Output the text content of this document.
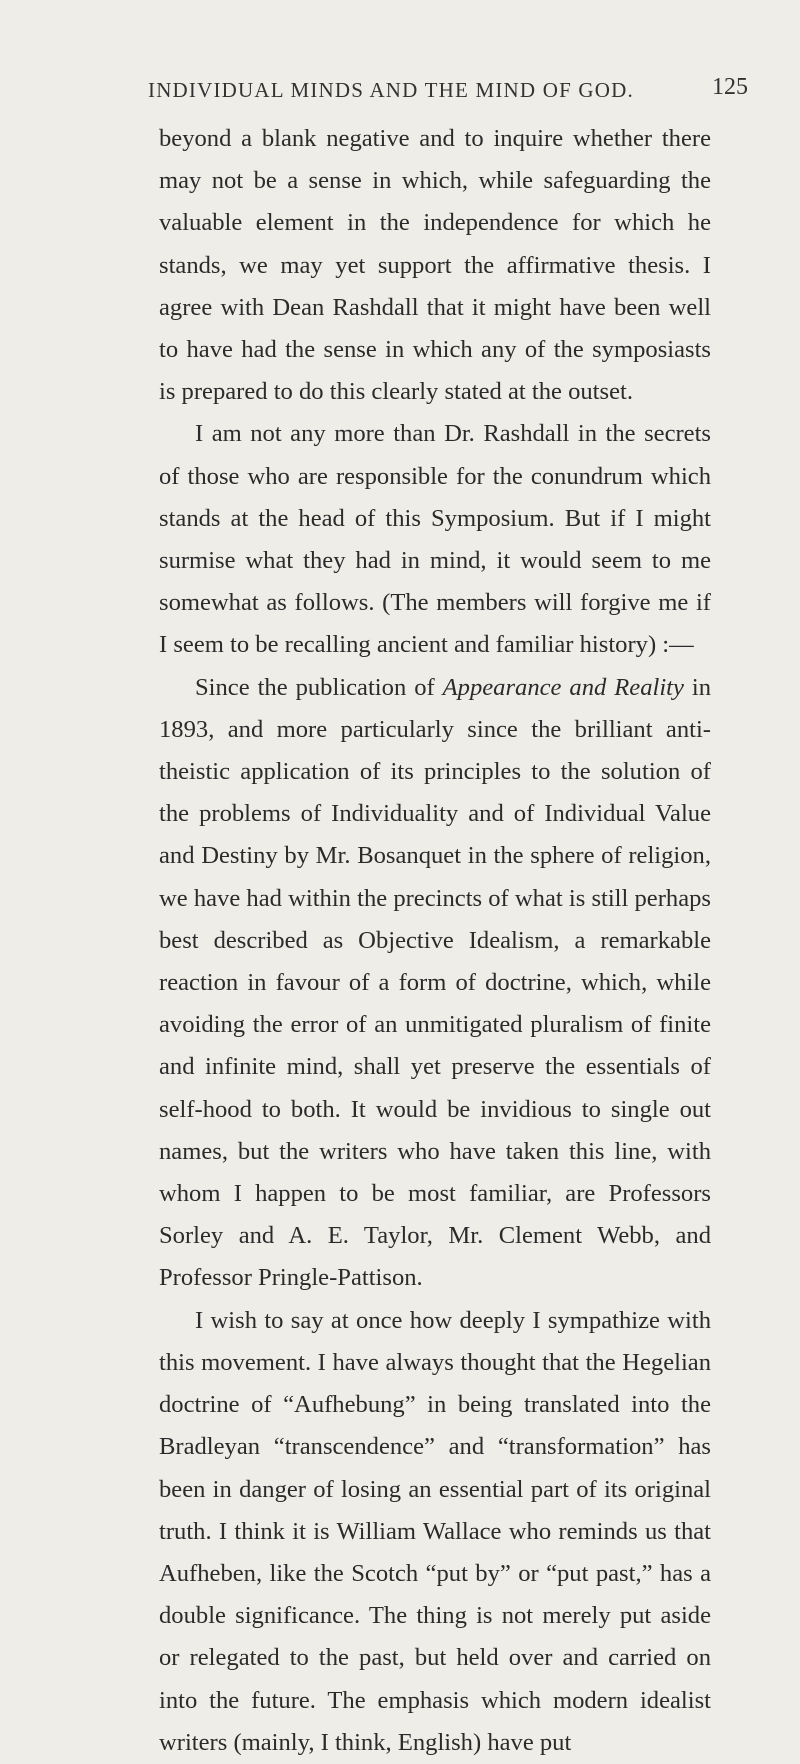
INDIVIDUAL MINDS AND THE MIND OF GOD.	125

beyond a blank negative and to inquire whether there may not be a sense in which, while safeguarding the valuable element in the independence for which he stands, we may yet support the affirmative thesis. I agree with Dean Rashdall that it might have been well to have had the sense in which any of the symposiasts is prepared to do this clearly stated at the outset.

I am not any more than Dr. Rashdall in the secrets of those who are responsible for the conundrum which stands at the head of this Symposium. But if I might surmise what they had in mind, it would seem to me somewhat as follows. (The members will forgive me if I seem to be recalling ancient and familiar history) :—

Since the publication of Appearance and Reality in 1893, and more particularly since the brilliant anti-theistic application of its principles to the solution of the problems of Individuality and of Individual Value and Destiny by Mr. Bosanquet in the sphere of religion, we have had within the precincts of what is still perhaps best described as Objective Idealism, a remarkable reaction in favour of a form of doctrine, which, while avoiding the error of an unmitigated pluralism of finite and infinite mind, shall yet preserve the essentials of self-hood to both. It would be invidious to single out names, but the writers who have taken this line, with whom I happen to be most familiar, are Professors Sorley and A. E. Taylor, Mr. Clement Webb, and Professor Pringle-Pattison.

I wish to say at once how deeply I sympathize with this movement. I have always thought that the Hegelian doctrine of “Aufhebung” in being translated into the Bradleyan “transcendence” and “transformation” has been in danger of losing an essential part of its original truth. I think it is William Wallace who reminds us that Aufheben, like the Scotch “put by” or “put past,” has a double significance. The thing is not merely put aside or relegated to the past, but held over and carried on into the future. The emphasis which modern idealist writers (mainly, I think, English) have put
